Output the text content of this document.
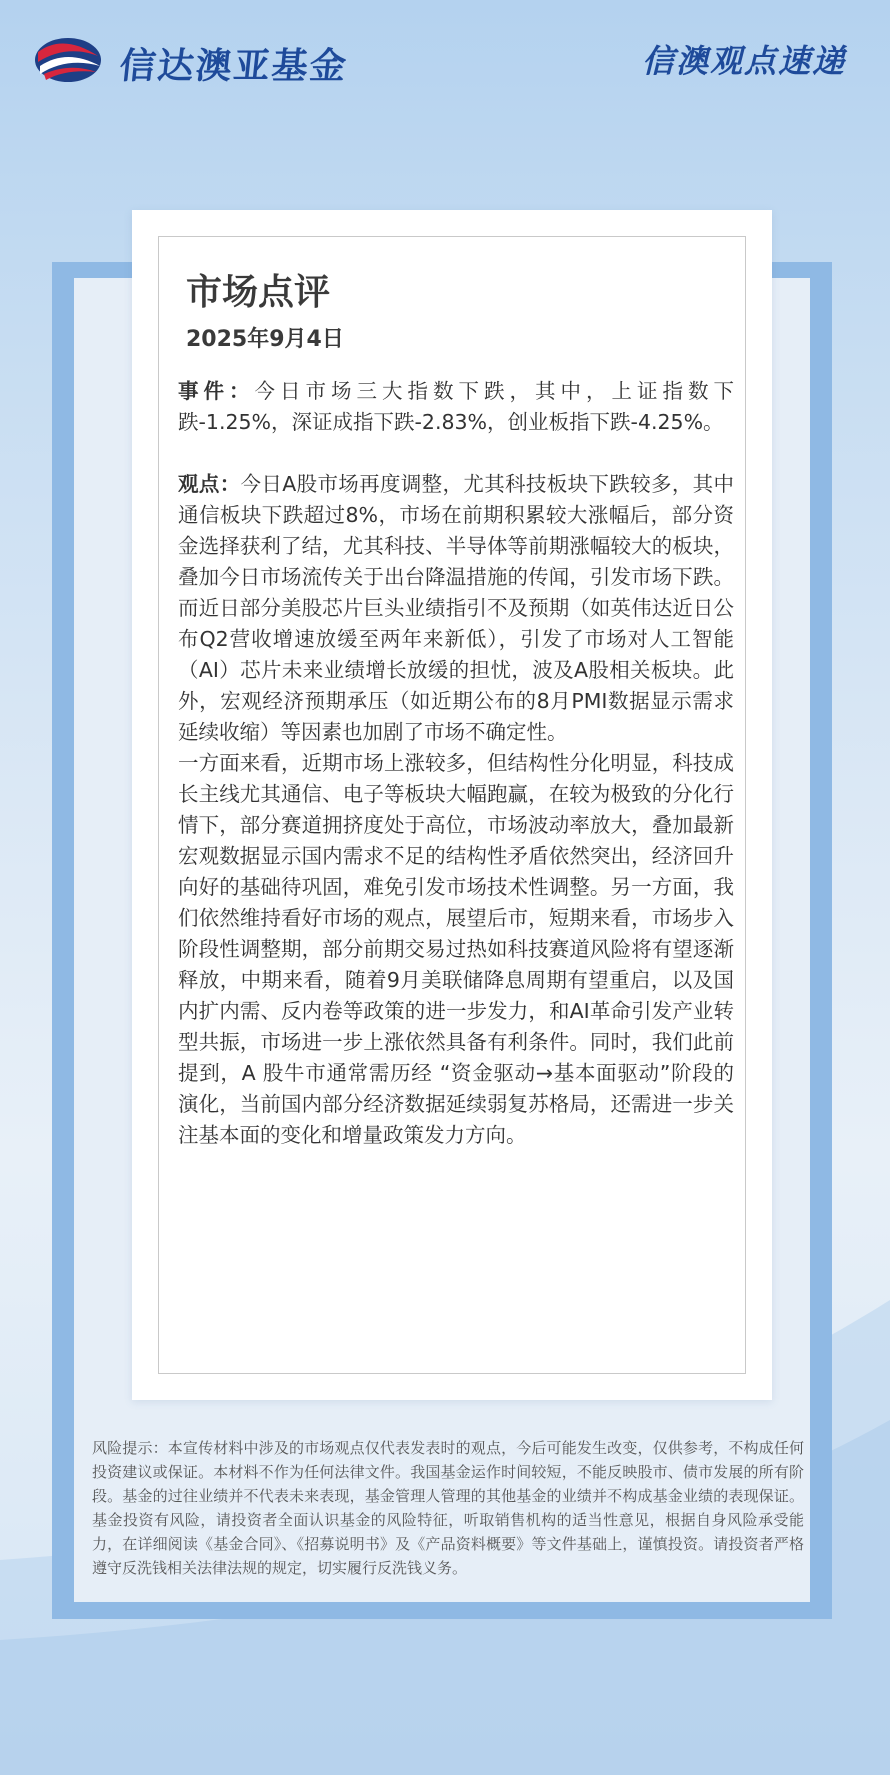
信达澳亚基金	信澳观点速递
市场点评
2025年9月4日

事件：今日市场三大指数下跌，其中，上证指数下跌-1.25%，深证成指下跌-2.83%，创业板指下跌-4.25%。

观点：今日A股市场再度调整，尤其科技板块下跌较多，其中通信板块下跌超过8%，市场在前期积累较大涨幅后，部分资金选择获利了结，尤其科技、半导体等前期涨幅较大的板块，叠加今日市场流传关于出台降温措施的传闻，引发市场下跌。而近日部分美股芯片巨头业绩指引不及预期（如英伟达近日公布Q2营收增速放缓至两年来新低），引发了市场对人工智能（AI）芯片未来业绩增长放缓的担忧，波及A股相关板块。此外，宏观经济预期承压（如近期公布的8月PMI数据显示需求延续收缩）等因素也加剧了市场不确定性。

一方面来看，近期市场上涨较多，但结构性分化明显，科技成长主线尤其通信、电子等板块大幅跑赢，在较为极致的分化行情下，部分赛道拥挤度处于高位，市场波动率放大，叠加最新宏观数据显示国内需求不足的结构性矛盾依然突出，经济回升向好的基础待巩固，难免引发市场技术性调整。另一方面，我们依然维持看好市场的观点，展望后市，短期来看，市场步入阶段性调整期，部分前期交易过热如科技赛道风险将有望逐渐释放，中期来看，随着9月美联储降息周期有望重启，以及国内扩内需、反内卷等政策的进一步发力，和AI革命引发产业转型共振，市场进一步上涨依然具备有利条件。同时，我们此前提到，A 股牛市通常需历经 “资金驱动→基本面驱动”阶段的演化，当前国内部分经济数据延续弱复苏格局，还需进一步关注基本面的变化和增量政策发力方向。

风险提示：本宣传材料中涉及的市场观点仅代表发表时的观点，今后可能发生改变，仅供参考，不构成任何投资建议或保证。本材料不作为任何法律文件。我国基金运作时间较短，不能反映股市、债市发展的所有阶段。基金的过往业绩并不代表未来表现，基金管理人管理的其他基金的业绩并不构成基金业绩的表现保证。基金投资有风险，请投资者全面认识基金的风险特征，听取销售机构的适当性意见，根据自身风险承受能力，在详细阅读《基金合同》、《招募说明书》及《产品资料概要》等文件基础上，谨慎投资。请投资者严格遵守反洗钱相关法律法规的规定，切实履行反洗钱义务。
